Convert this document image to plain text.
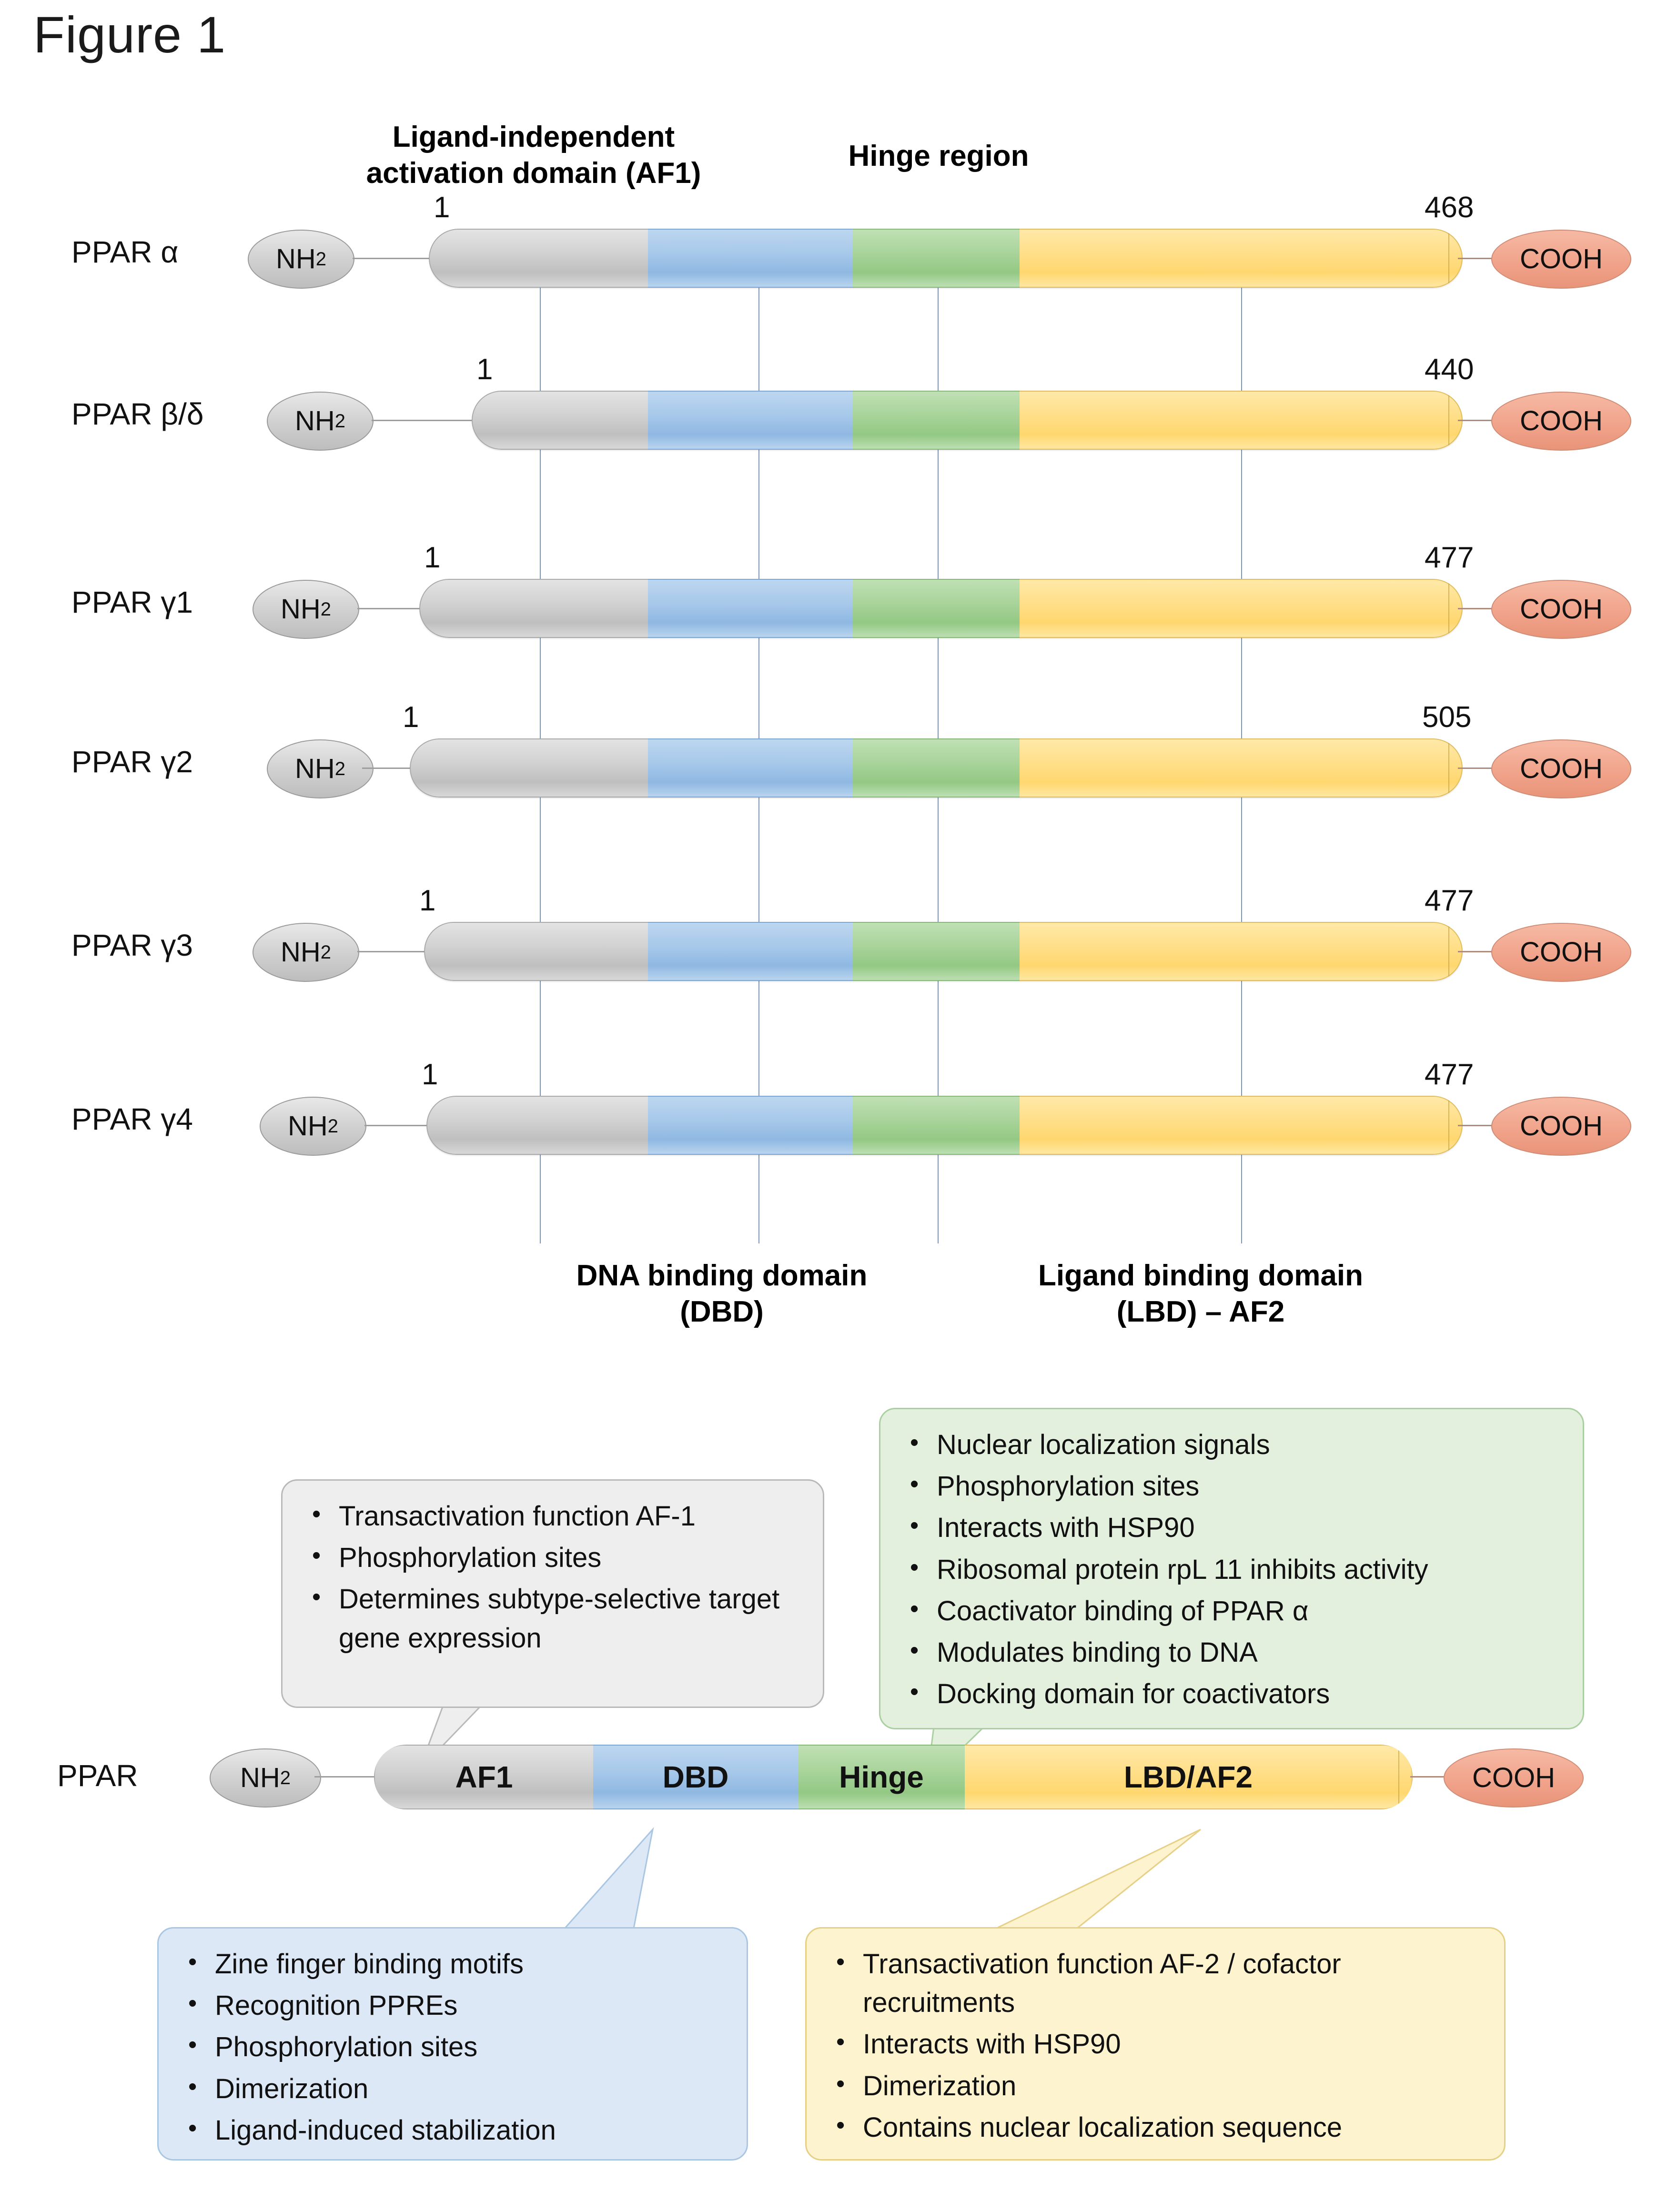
Figure 1
Ligand-independent
activation domain (AF1)
Hinge region
PPAR α	NH 2	COOH
1	468
PPAR β/δ	NH 2	COOH
1	440
PPAR γ1	NH 2	COOH
1	477
PPAR γ2	NH 2	COOH
1	505
PPAR γ3	NH 2	COOH
1	477
PPAR γ4	NH 2	COOH
1	477
DNA binding domain
(DBD)
Ligand binding domain
(LBD) – AF2
• Transactivation function AF-1
• Phosphorylation sites
• Determines subtype-selective target gene expression
• Nuclear localization signals
• Phosphorylation sites
• Interacts with HSP90
• Ribosomal protein rpL 11 inhibits activity
• Coactivator binding of PPAR α
• Modulates binding to DNA
• Docking domain for coactivators
• Zine finger binding motifs
• Recognition PPREs
• Phosphorylation sites
• Dimerization
• Ligand-induced stabilization
• Transactivation function AF-2 / cofactor recruitments
• Interacts with HSP90
• Dimerization
• Contains nuclear localization sequence
PPAR	NH 2	AF1	DBD	Hinge	LBD/AF2	COOH
